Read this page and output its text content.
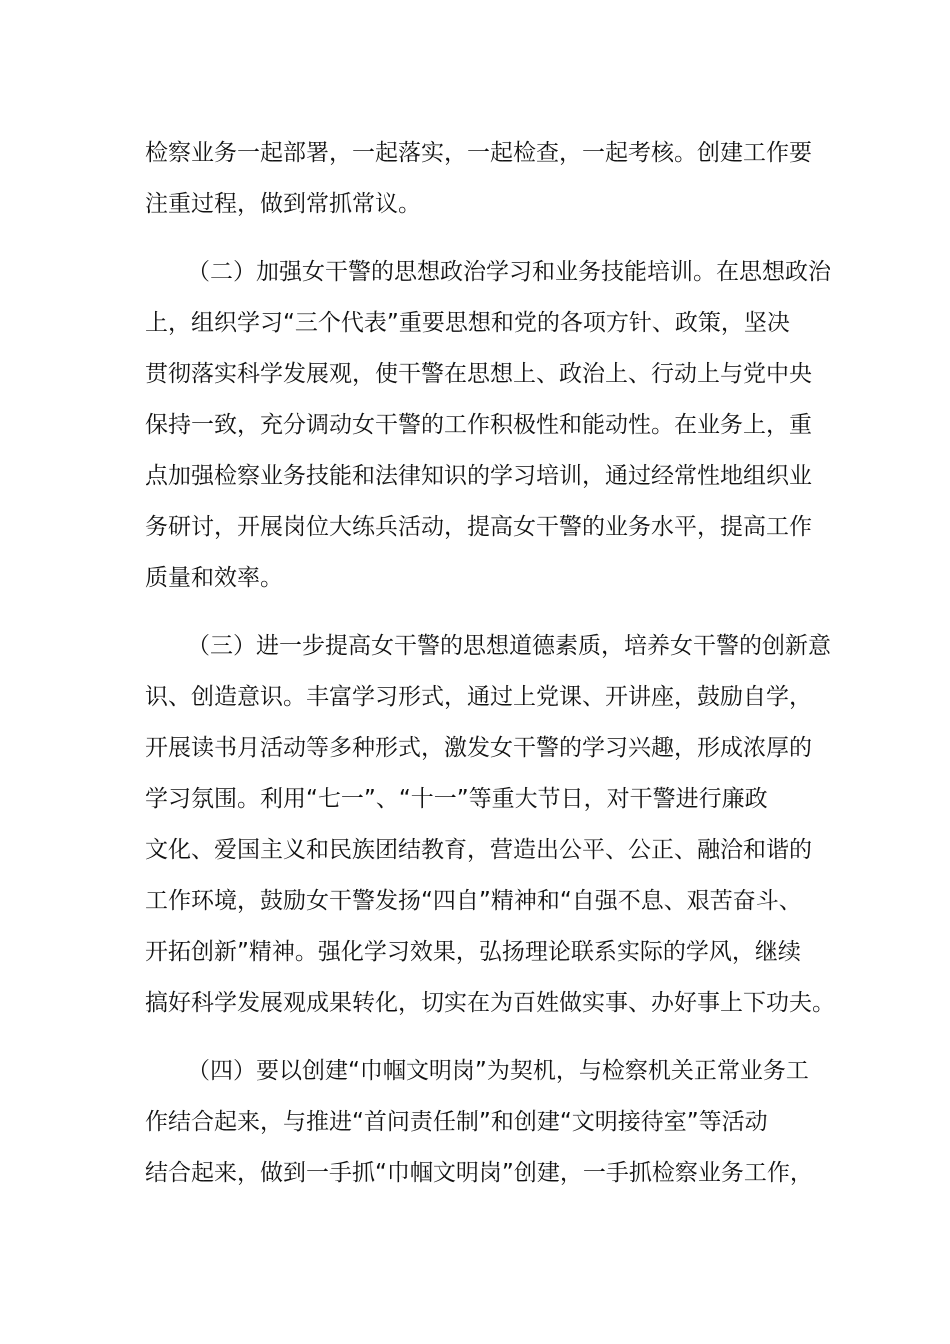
检察业务一起部署，一起落实，一起检查，一起考核。创建工作要
注重过程，做到常抓常议。
（二）加强女干警的思想政治学习和业务技能培训。在思想政治
上，组织学习“三个代表”重要思想和党的各项方针、政策，坚决
贯彻落实科学发展观，使干警在思想上、政治上、行动上与党中央
保持一致，充分调动女干警的工作积极性和能动性。在业务上，重
点加强检察业务技能和法律知识的学习培训，通过经常性地组织业
务研讨，开展岗位大练兵活动，提高女干警的业务水平，提高工作
质量和效率。
（三）进一步提高女干警的思想道德素质，培养女干警的创新意
识、创造意识。丰富学习形式，通过上党课、开讲座，鼓励自学，
开展读书月活动等多种形式，激发女干警的学习兴趣，形成浓厚的
学习氛围。利用“七一”、“十一”等重大节日，对干警进行廉政
文化、爱国主义和民族团结教育，营造出公平、公正、融洽和谐的
工作环境，鼓励女干警发扬“四自”精神和“自强不息、艰苦奋斗、
开拓创新”精神。强化学习效果，弘扬理论联系实际的学风，继续
搞好科学发展观成果转化，切实在为百姓做实事、办好事上下功夫。
（四）要以创建“巾帼文明岗”为契机，与检察机关正常业务工
作结合起来，与推进“首问责任制”和创建“文明接待室”等活动
结合起来，做到一手抓“巾帼文明岗”创建，一手抓检察业务工作，
